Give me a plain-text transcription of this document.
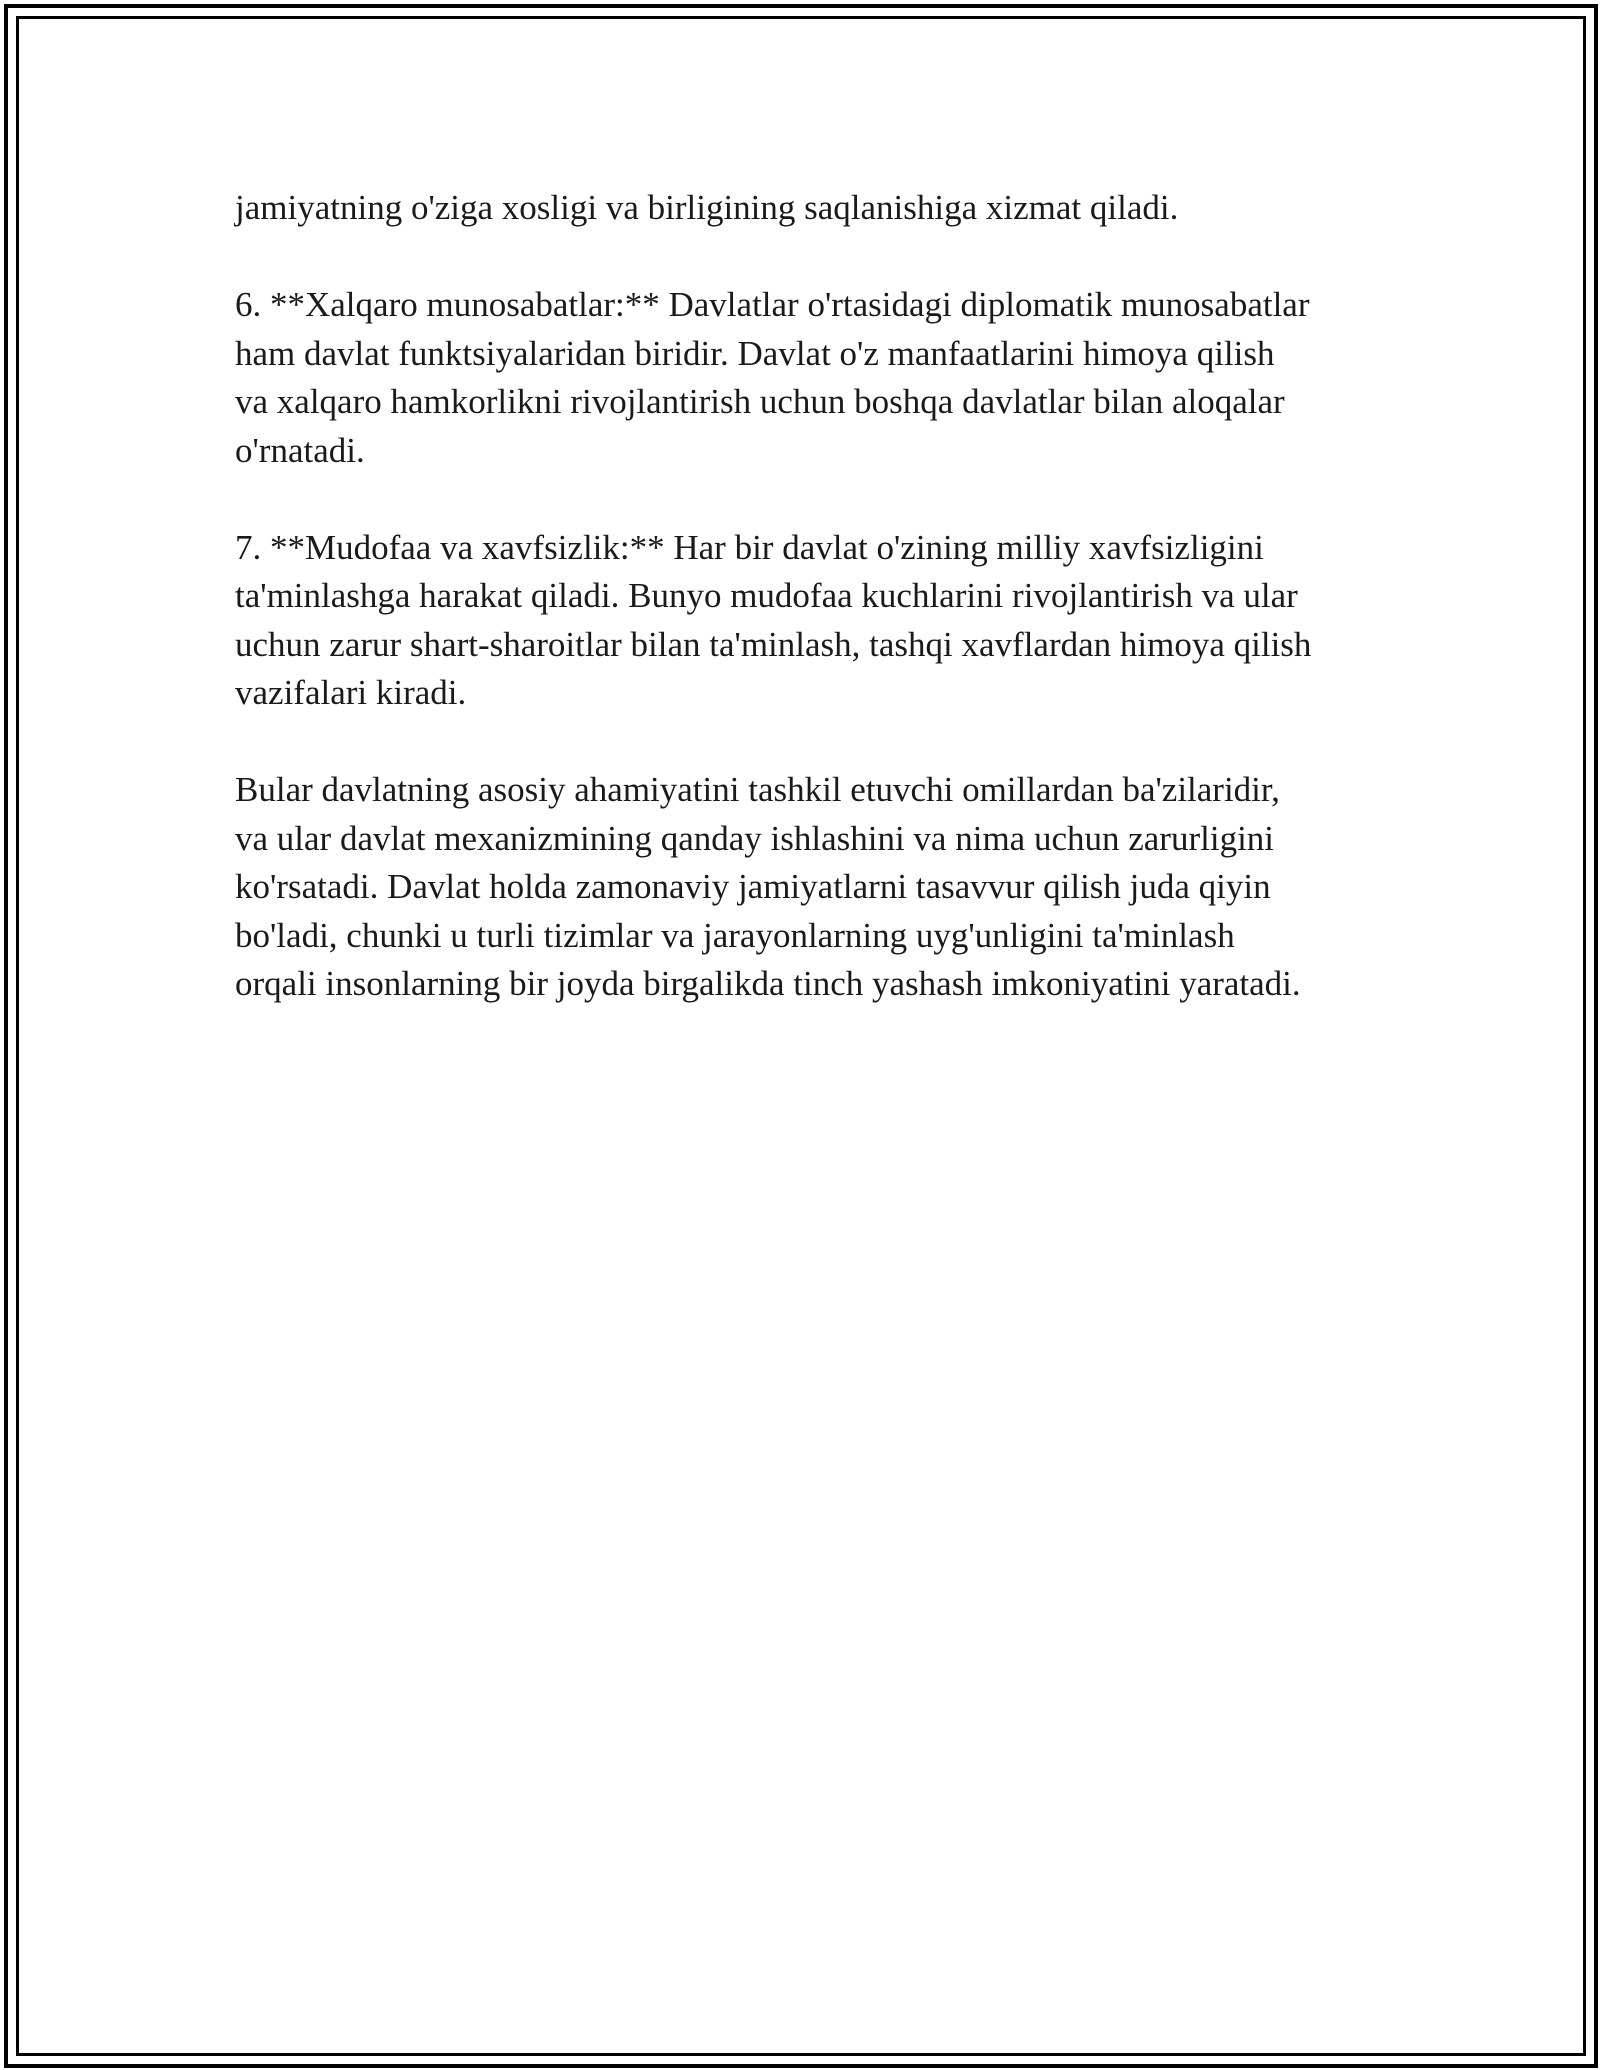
jamiyatning o'ziga xosligi va birligining saqlanishiga xizmat qiladi.

6. **Xalqaro munosabatlar:** Davlatlar o'rtasidagi diplomatik munosabatlar
ham davlat funktsiyalaridan biridir. Davlat o'z manfaatlarini himoya qilish
va xalqaro hamkorlikni rivojlantirish uchun boshqa davlatlar bilan aloqalar
o'rnatadi.

7. **Mudofaa va xavfsizlik:** Har bir davlat o'zining milliy xavfsizligini
ta'minlashga harakat qiladi. Bunyo mudofaa kuchlarini rivojlantirish va ular
uchun zarur shart-sharoitlar bilan ta'minlash, tashqi xavflardan himoya qilish
vazifalari kiradi.

Bular davlatning asosiy ahamiyatini tashkil etuvchi omillardan ba'zilaridir,
va ular davlat mexanizmining qanday ishlashini va nima uchun zarurligini
ko'rsatadi. Davlat holda zamonaviy jamiyatlarni tasavvur qilish juda qiyin
bo'ladi, chunki u turli tizimlar va jarayonlarning uyg'unligini ta'minlash
orqali insonlarning bir joyda birgalikda tinch yashash imkoniyatini yaratadi.
